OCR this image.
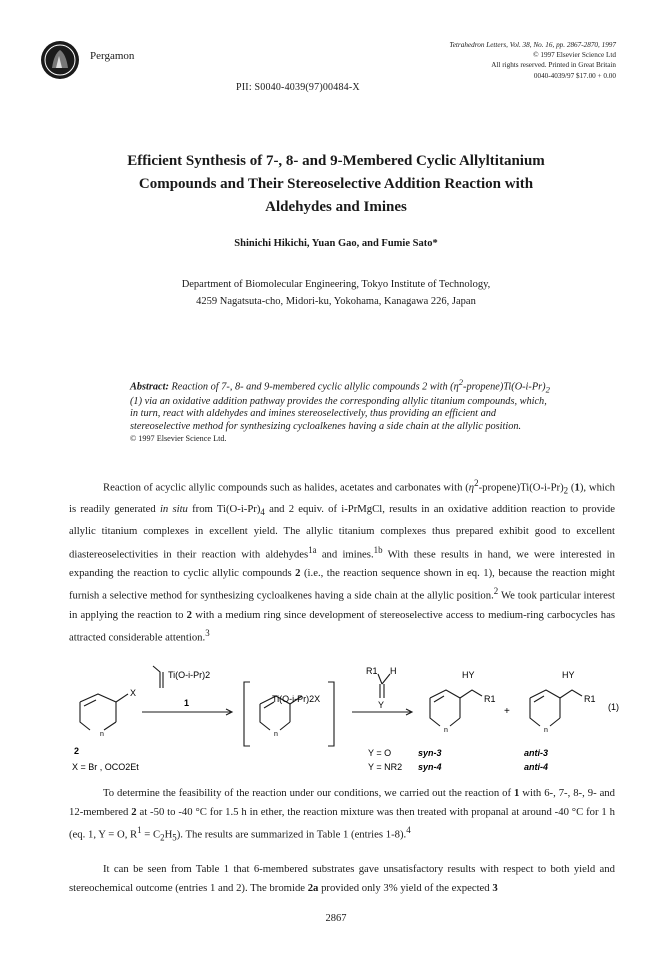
Pergamon
Tetrahedron Letters, Vol. 38, No. 16, pp. 2867-2870, 1997
© 1997 Elsevier Science Ltd
All rights reserved. Printed in Great Britain
0040-4039/97 $17.00 + 0.00
PII: S0040-4039(97)00484-X
Efficient Synthesis of 7-, 8- and 9-Membered Cyclic Allyltitanium
Compounds and Their Stereoselective Addition Reaction with
Aldehydes and Imines
Shinichi Hikichi, Yuan Gao, and Fumie Sato*
Department of Biomolecular Engineering, Tokyo Institute of Technology,
4259 Nagatsuta-cho, Midori-ku, Yokohama, Kanagawa 226, Japan
Abstract: Reaction of 7-, 8- and 9-membered cyclic allylic compounds 2 with $(\eta^2-propene)Ti(O-i-Pr)_2$ (1) via an oxidative addition pathway provides the corresponding allylic titanium compounds, which, in turn, react with aldehydes and imines stereoselectively, thus providing an efficient and stereoselective method for synthesizing cycloalkenes having a side chain at the allylic position.
© 1997 Elsevier Science Ltd.
Reaction of acyclic allylic compounds such as halides, acetates and carbonates with $(\eta^2-propene)Ti(O-i-Pr)_2$ (1), which is readily generated in situ from $Ti(O-i-Pr)_4$ and 2 equiv. of i-PrMgCl, results in an oxidative addition reaction to provide allylic titanium complexes in excellent yield. The allylic titanium complexes thus prepared exhibit good to excellent diastereoselectivities in their reaction with aldehydes$^{1a}$ and imines.$^{1b}$ With these results in hand, we were interested in expanding the reaction to cyclic allylic compounds 2 (i.e., the reaction sequence shown in eq. 1), because the reaction might furnish a selective method for synthesizing cycloalkenes having a side chain at the allylic position.$^2$ We took particular interest in applying the reaction to 2 with a medium ring since development of stereoselective access to medium-ring carbocycles has attracted considerable attention.$^3$
X
Ti(O-i-Pr)2
1
n
2
Ti(O-i-Pr)2X
n
R1 H
Y
HY
R1
n
+
HY
R1
n
(1)
X = Br , OCO2Et
Y = O
Y = NR2
syn-3
syn-4
anti-3
anti-4
To determine the feasibility of the reaction under our conditions, we carried out the reaction of 1 with 6-, 7-, 8-, 9- and 12-membered 2 at -50 to -40 °C for 1.5 h in ether, the reaction mixture was then treated with propanal at around -40 °C for 1 h (eq. 1, Y = O, $R^1 = C_2H_5$). The results are summarized in Table 1 (entries 1-8).$^4$
It can be seen from Table 1 that 6-membered substrates gave unsatisfactory results with respect to both yield and stereochemical outcome (entries 1 and 2). The bromide 2a provided only 3% yield of the expected 3
2867
